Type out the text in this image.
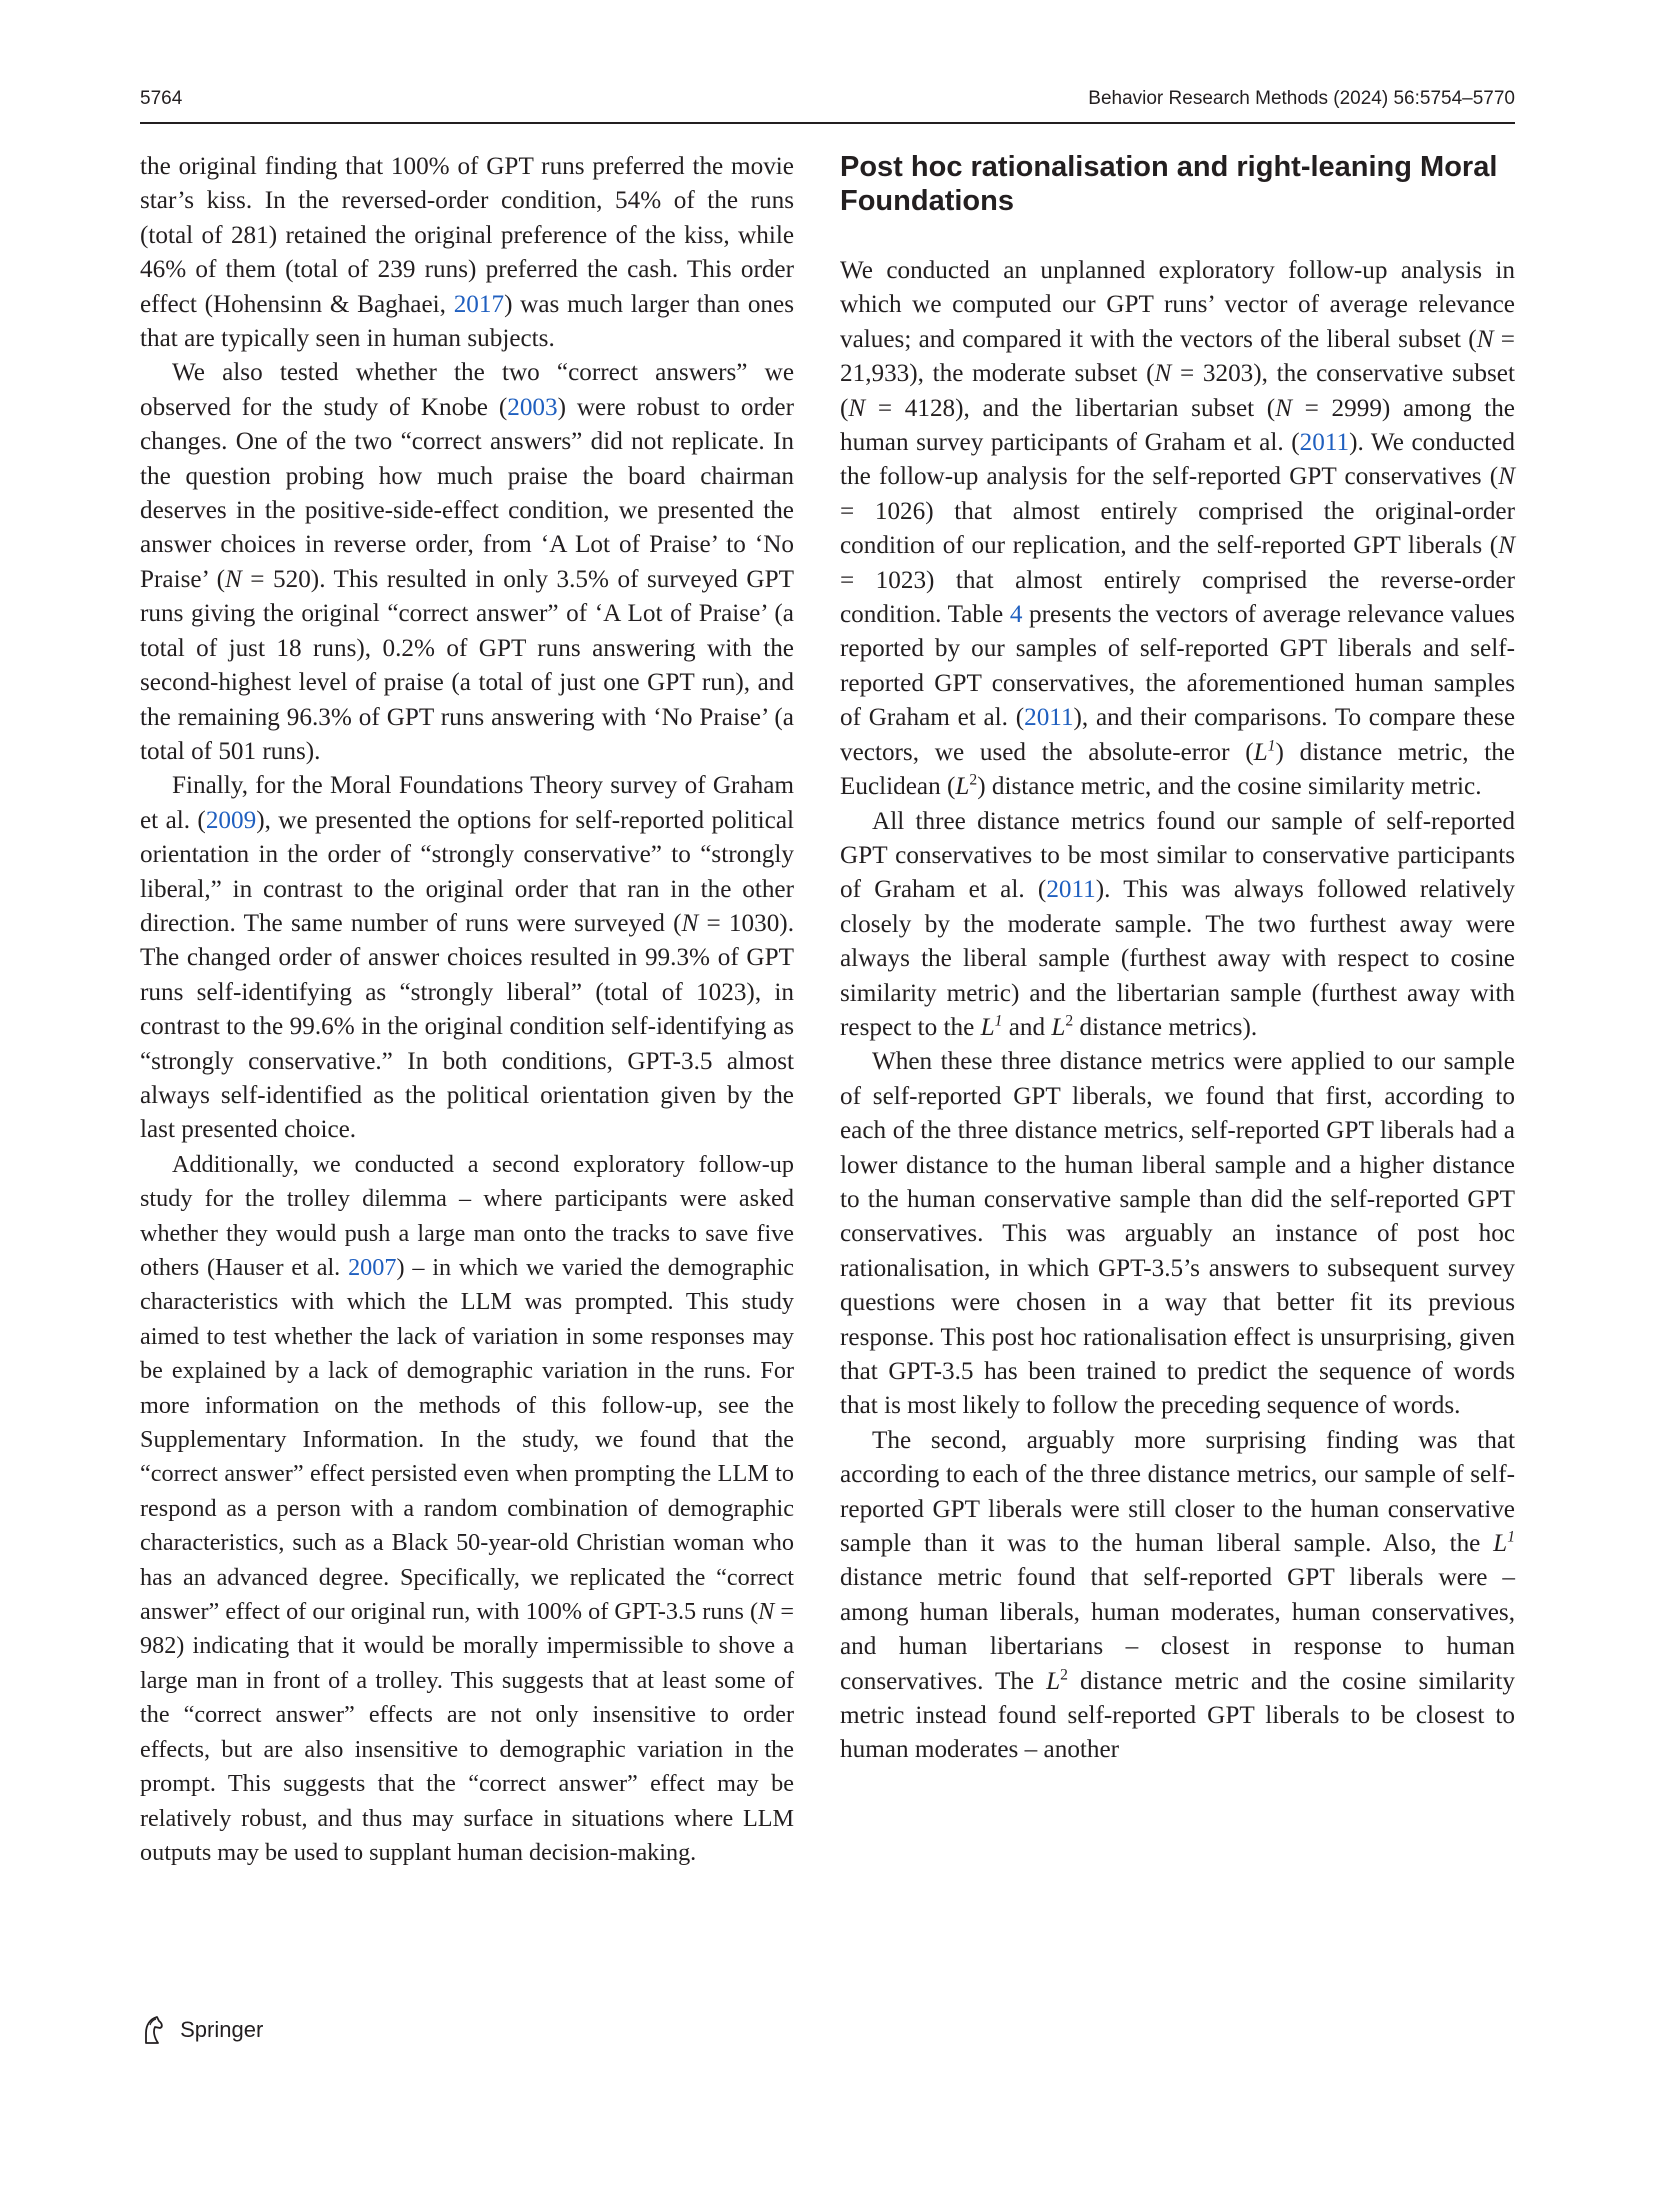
5764	Behavior Research Methods (2024) 56:5754–5770

the original finding that 100% of GPT runs preferred the movie star’s kiss. In the reversed-order condition, 54% of the runs (total of 281) retained the original preference of the kiss, while 46% of them (total of 239 runs) preferred the cash. This order effect (Hohensinn & Baghaei, 2017) was much larger than ones that are typically seen in human subjects.

We also tested whether the two “correct answers” we observed for the study of Knobe (2003) were robust to order changes. One of the two “correct answers” did not replicate. In the question probing how much praise the board chairman deserves in the positive-side-effect condition, we presented the answer choices in reverse order, from ‘A Lot of Praise’ to ‘No Praise’ (N = 520). This resulted in only 3.5% of surveyed GPT runs giving the original “correct answer” of ‘A Lot of Praise’ (a total of just 18 runs), 0.2% of GPT runs answering with the second-highest level of praise (a total of just one GPT run), and the remaining 96.3% of GPT runs answering with ‘No Praise’ (a total of 501 runs).

Finally, for the Moral Foundations Theory survey of Graham et al. (2009), we presented the options for self-reported political orientation in the order of “strongly conservative” to “strongly liberal,” in contrast to the original order that ran in the other direction. The same number of runs were surveyed (N = 1030). The changed order of answer choices resulted in 99.3% of GPT runs self-identifying as “strongly liberal” (total of 1023), in contrast to the 99.6% in the original condition self-identifying as “strongly conservative.” In both conditions, GPT-3.5 almost always self-identified as the political orientation given by the last presented choice.

Additionally, we conducted a second exploratory follow-up study for the trolley dilemma – where participants were asked whether they would push a large man onto the tracks to save five others (Hauser et al. 2007) – in which we varied the demographic characteristics with which the LLM was prompted. This study aimed to test whether the lack of variation in some responses may be explained by a lack of demographic variation in the runs. For more information on the methods of this follow-up, see the Supplementary Information. In the study, we found that the “correct answer” effect persisted even when prompting the LLM to respond as a person with a random combination of demographic characteristics, such as a Black 50-year-old Christian woman who has an advanced degree. Specifically, we replicated the “correct answer” effect of our original run, with 100% of GPT-3.5 runs (N = 982) indicating that it would be morally impermissible to shove a large man in front of a trolley. This suggests that at least some of the “correct answer” effects are not only insensitive to order effects, but are also insensitive to demographic variation in the prompt. This suggests that the “correct answer” effect may be relatively robust, and thus may surface in situations where LLM outputs may be used to supplant human decision-making.

Post hoc rationalisation and right-leaning Moral Foundations

We conducted an unplanned exploratory follow-up analysis in which we computed our GPT runs’ vector of average relevance values; and compared it with the vectors of the liberal subset (N = 21,933), the moderate subset (N = 3203), the conservative subset (N = 4128), and the libertarian subset (N = 2999) among the human survey participants of Graham et al. (2011). We conducted the follow-up analysis for the self-reported GPT conservatives (N = 1026) that almost entirely comprised the original-order condition of our replication, and the self-reported GPT liberals (N = 1023) that almost entirely comprised the reverse-order condition. Table 4 presents the vectors of average relevance values reported by our samples of self-reported GPT liberals and self-reported GPT conservatives, the aforementioned human samples of Graham et al. (2011), and their comparisons. To compare these vectors, we used the absolute-error $(L^1)$ distance metric, the Euclidean $(L^2)$ distance metric, and the cosine similarity metric.

All three distance metrics found our sample of self-reported GPT conservatives to be most similar to conservative participants of Graham et al. (2011). This was always followed relatively closely by the moderate sample. The two furthest away were always the liberal sample (furthest away with respect to cosine similarity metric) and the libertarian sample (furthest away with respect to the $L^1$ and $L^2$ distance metrics).

When these three distance metrics were applied to our sample of self-reported GPT liberals, we found that first, according to each of the three distance metrics, self-reported GPT liberals had a lower distance to the human liberal sample and a higher distance to the human conservative sample than did the self-reported GPT conservatives. This was arguably an instance of post hoc rationalisation, in which GPT-3.5’s answers to subsequent survey questions were chosen in a way that better fit its previous response. This post hoc rationalisation effect is unsurprising, given that GPT-3.5 has been trained to predict the sequence of words that is most likely to follow the preceding sequence of words.

The second, arguably more surprising finding was that according to each of the three distance metrics, our sample of self-reported GPT liberals were still closer to the human conservative sample than it was to the human liberal sample. Also, the $L^1$ distance metric found that self-reported GPT liberals were – among human liberals, human moderates, human conservatives, and human libertarians – closest in response to human conservatives. The $L^2$ distance metric and the cosine similarity metric instead found self-reported GPT liberals to be closest to human moderates – another

Springer
